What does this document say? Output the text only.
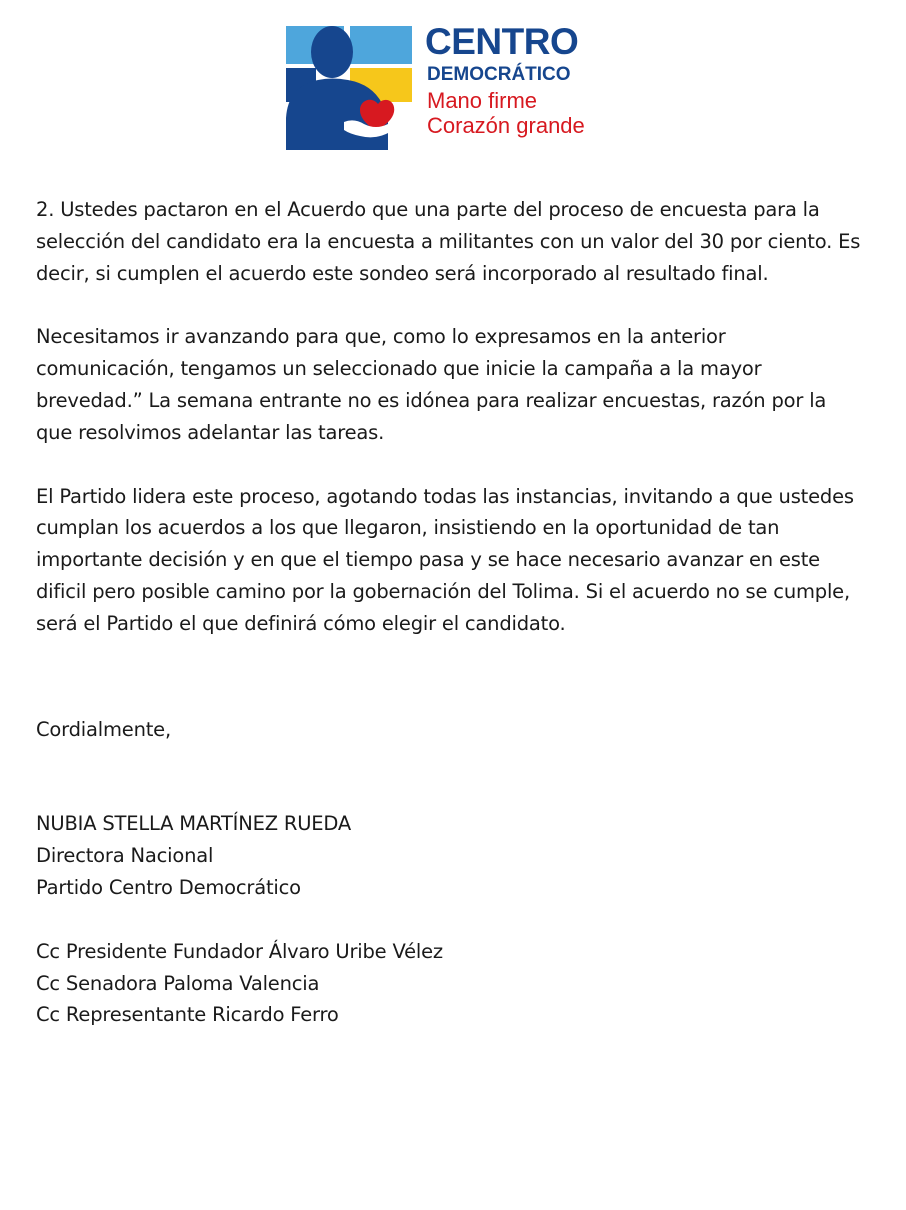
CENTRO
DEMOCRÁTICO
Mano firme
Corazón grande

2. Ustedes pactaron en el Acuerdo que una parte del proceso de encuesta para la selección del candidato era la encuesta a militantes con un valor del 30 por ciento. Es decir, si cumplen el acuerdo este sondeo será incorporado al resultado final.

Necesitamos ir avanzando para que, como lo expresamos en la anterior comunicación, tengamos un seleccionado que inicie la campaña a la mayor brevedad.” La semana entrante no es idónea para realizar encuestas, razón por la que resolvimos adelantar las tareas.

El Partido lidera este proceso, agotando todas las instancias, invitando a que ustedes cumplan los acuerdos a los que llegaron, insistiendo en la oportunidad de tan importante decisión y en que el tiempo pasa y se hace necesario avanzar en este dificil pero posible camino por la gobernación del Tolima. Si el acuerdo no se cumple, será el Partido el que definirá cómo elegir el candidato.

Cordialmente,

NUBIA STELLA MARTÍNEZ RUEDA

Directora Nacional

Partido Centro Democrático

Cc Presidente Fundador Álvaro Uribe Vélez

Cc Senadora Paloma Valencia

Cc Representante Ricardo Ferro
